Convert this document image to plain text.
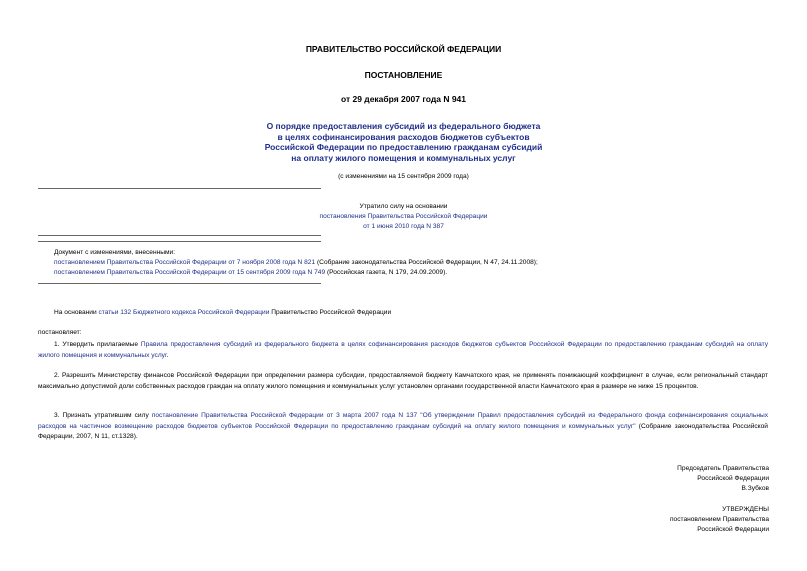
ПРАВИТЕЛЬСТВО РОССИЙСКОЙ ФЕДЕРАЦИИ
ПОСТАНОВЛЕНИЕ
от 29 декабря 2007 года N 941
О порядке предоставления субсидий из федерального бюджета
в целях софинансирования расходов бюджетов субъектов
Российской Федерации по предоставлению гражданам субсидий
на оплату жилого помещения и коммунальных услуг
(с изменениями на 15 сентября 2009 года)
Утратило силу на основании
постановления Правительства Российской Федерации
от 1 июня 2010 года N 387
Документ с изменениями, внесенными:
постановлением Правительства Российской Федерации от 7 ноября 2008 года N 821 (Собрание законодательства Российской Федерации, N 47, 24.11.2008);
постановлением Правительства Российской Федерации от 15 сентября 2009 года N 749 (Российская газета, N 179, 24.09.2009).
На основании статьи 132 Бюджетного кодекса Российской Федерации Правительство Российской Федерации
постановляет:
1. Утвердить прилагаемые Правила предоставления субсидий из федерального бюджета в целях софинансирования расходов бюджетов субъектов Российской Федерации по предоставлению гражданам субсидий на оплату жилого помещения и коммунальных услуг.
2. Разрешить Министерству финансов Российской Федерации при определении размера субсидии, предоставляемой бюджету Камчатского края, не применять понижающий коэффициент в случае, если региональный стандарт максимально допустимой доли собственных расходов граждан на оплату жилого помещения и коммунальных услуг установлен органами государственной власти Камчатского края в размере не ниже 15 процентов.
3. Признать утратившим силу постановление Правительства Российской Федерации от 3 марта 2007 года N 137 "Об утверждении Правил предоставления субсидий из Федерального фонда софинансирования социальных расходов на частичное возмещение расходов бюджетов субъектов Российской Федерации по предоставлению гражданам субсидий на оплату жилого помещения и коммунальных услуг" (Собрание законодательства Российской Федерации, 2007, N 11, ст.1328).
Председатель Правительства
Российской Федерации
В.Зубков
УТВЕРЖДЕНЫ
постановлением Правительства
Российской Федерации
